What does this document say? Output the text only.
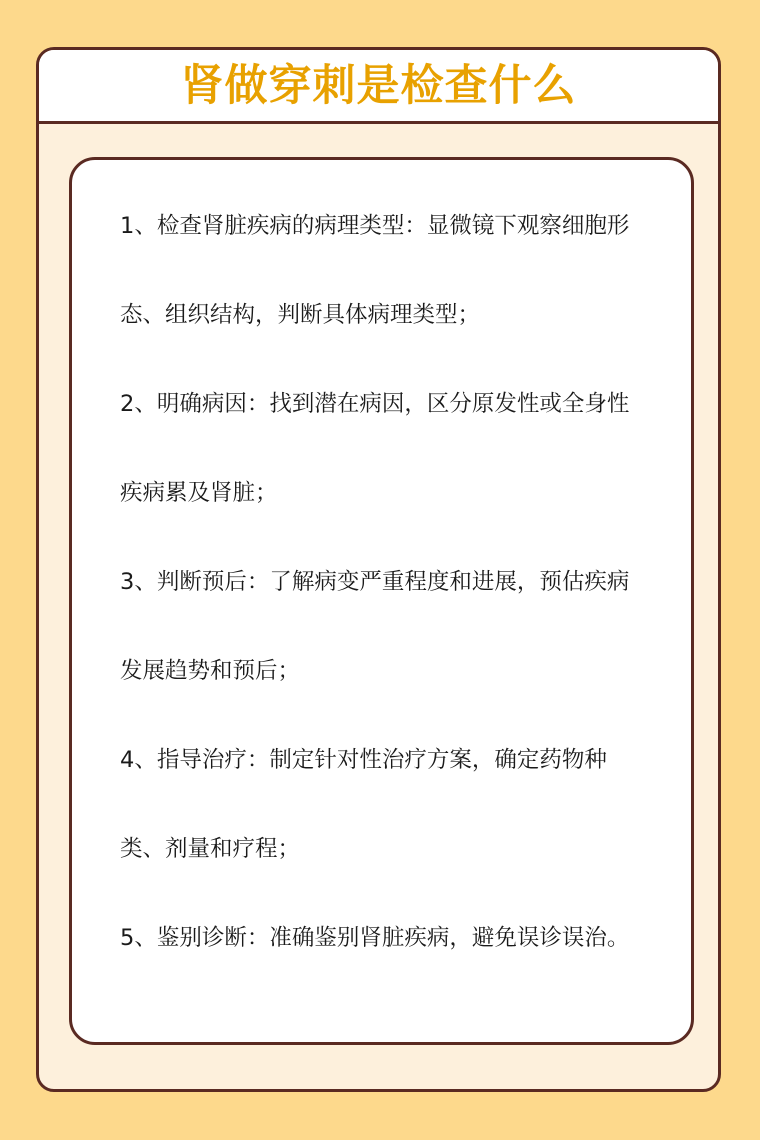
肾做穿刺是检查什么

1、检查肾脏疾病的病理类型：显微镜下观察细胞形态、组织结构，判断具体病理类型；

2、明确病因：找到潜在病因，区分原发性或全身性疾病累及肾脏；

3、判断预后：了解病变严重程度和进展，预估疾病发展趋势和预后；

4、指导治疗：制定针对性治疗方案，确定药物种类、剂量和疗程；

5、鉴别诊断：准确鉴别肾脏疾病，避免误诊误治。
